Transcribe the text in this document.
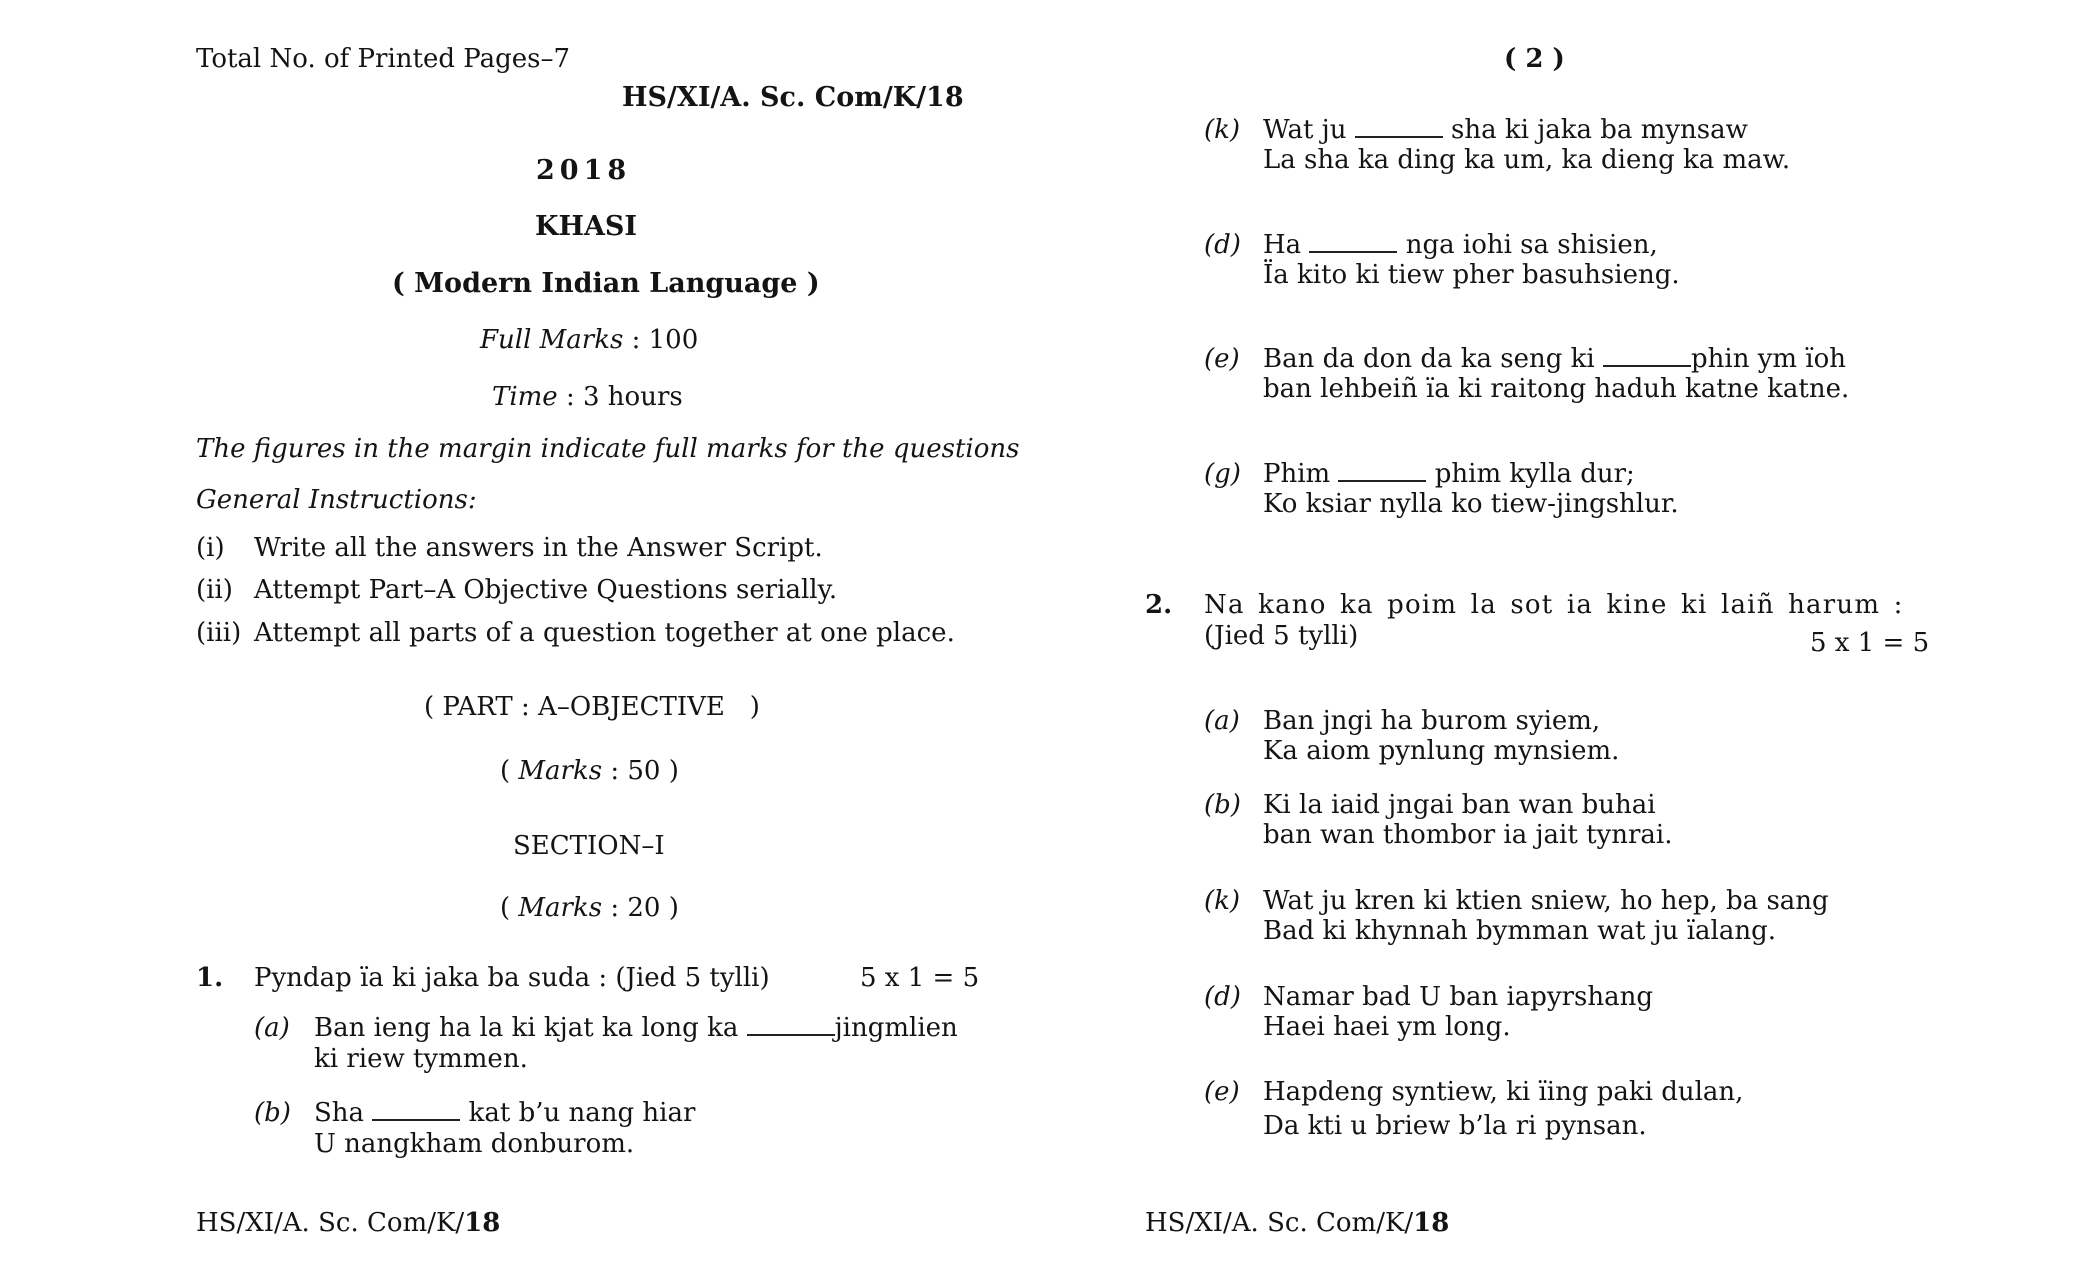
Total No. of Printed Pages–7
HS/XI/A. Sc. Com/K/18
2018
KHASI
( Modern Indian Language )
Full Marks : 100
Time : 3 hours
The figures in the margin indicate full marks for the questions
General Instructions:
(i) Write all the answers in the Answer Script.
(ii) Attempt Part–A Objective Questions serially.
(iii) Attempt all parts of a question together at one place.
( PART : A–OBJECTIVE   )
( Marks : 50 )
SECTION–I
( Marks : 20 )
1. Pyndap ïa ki jaka ba suda : (Jied 5 tylli)	5 x 1 = 5
(a) Ban ieng ha la ki kjat ka long ka	jingmlien
ki riew tymmen.
(b) Sha	kat b’u nang hiar
U nangkham donburom.
HS/XI/A. Sc. Com/K/18
( 2 )
(k) Wat ju	sha ki jaka ba mynsaw
La sha ka ding ka um, ka dieng ka maw.
(d) Ha	nga iohi sa shisien,
Ïa kito ki tiew pher basuhsieng.
(e) Ban da don da ka seng ki	phin ym ïoh
ban lehbeiñ ïa ki raitong haduh katne katne.
(g) Phim	phim kylla dur;
Ko ksiar nylla ko tiew-jingshlur.
2. Na kano ka poim la sot ia kine ki laiñ harum :
(Jied 5 tylli)	5 x 1 = 5
(a) Ban jngi ha burom syiem,
Ka aiom pynlung mynsiem.
(b) Ki la iaid jngai ban wan buhai
ban wan thombor ia jait tynrai.
(k) Wat ju kren ki ktien sniew, ho hep, ba sang
Bad ki khynnah bymman wat ju ïalang.
(d) Namar bad U ban iapyrshang
Haei haei ym long.
(e) Hapdeng syntiew, ki ïing paki dulan,
Da kti u briew b’la ri pynsan.
HS/XI/A. Sc. Com/K/18
